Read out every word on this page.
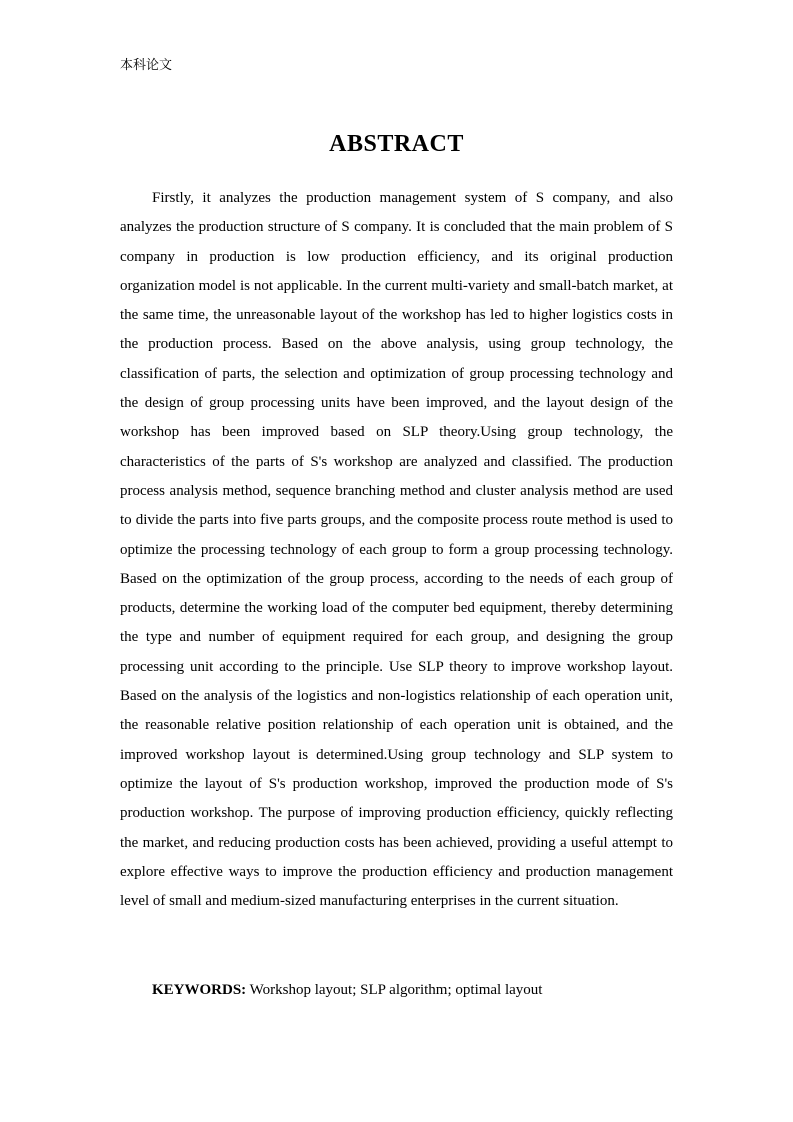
本科论文
ABSTRACT

Firstly, it analyzes the production management system of S company, and also analyzes the production structure of S company. It is concluded that the main problem of S company in production is low production efficiency, and its original production organization model is not applicable. In the current multi-variety and small-batch market, at the same time, the unreasonable layout of the workshop has led to higher logistics costs in the production process. Based on the above analysis, using group technology, the classification of parts, the selection and optimization of group processing technology and the design of group processing units have been improved, and the layout design of the workshop has been improved based on SLP theory.Using group technology, the characteristics of the parts of S's workshop are analyzed and classified. The production process analysis method, sequence branching method and cluster analysis method are used to divide the parts into five parts groups, and the composite process route method is used to optimize the processing technology of each group to form a group processing technology. Based on the optimization of the group process, according to the needs of each group of products, determine the working load of the computer bed equipment, thereby determining the type and number of equipment required for each group, and designing the group processing unit according to the principle. Use SLP theory to improve workshop layout. Based on the analysis of the logistics and non-logistics relationship of each operation unit, the reasonable relative position relationship of each operation unit is obtained, and the improved workshop layout is determined.Using group technology and SLP system to optimize the layout of S's production workshop, improved the production mode of S's production workshop. The purpose of improving production efficiency, quickly reflecting the market, and reducing production costs has been achieved, providing a useful attempt to explore effective ways to improve the production efficiency and production management level of small and medium-sized manufacturing enterprises in the current situation.

KEYWORDS: Workshop layout; SLP algorithm; optimal layout
